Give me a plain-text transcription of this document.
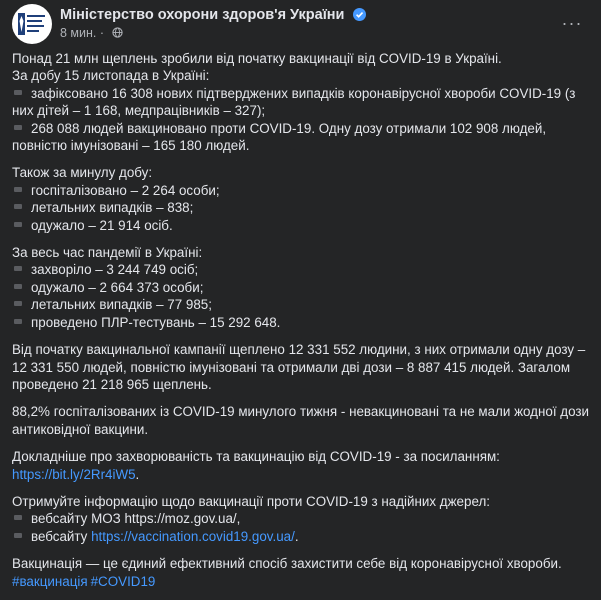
Міністерство охорони здоров'я України
8 мин. ·	···
Понад 21 млн щеплень зробили від початку вакцинації від COVID-19 в Україні.
За добу 15 листопада в Україні:
зафіксовано 16 308 нових підтверджених випадків коронавірусної хвороби COVID-19 (з
них дітей – 1 168, медпрацівників – 327);
268 088 людей вакциновано проти COVID-19. Одну дозу отримали 102 908 людей,
повністю імунізовані – 165 180 людей.
Також за минулу добу:
госпіталізовано – 2 264 особи;
летальних випадків – 838;
одужало – 21 914 осіб.
За весь час пандемії в Україні:
захворіло – 3 244 749 осіб;
одужало – 2 664 373 особи;
летальних випадків – 77 985;
проведено ПЛР-тестувань – 15 292 648.
Від початку вакцинальної кампанії щеплено 12 331 552 людини, з них отримали одну дозу –
12 331 550 людей, повністю імунізовані та отримали дві дози – 8 887 415 людей. Загалом
проведено 21 218 965 щеплень.
88,2% госпіталізованих із COVID-19 минулого тижня - невакциновані та не мали жодної дози
антиковідної вакцини.
Докладніше про захворюваність та вакцинацію від COVID-19 - за посиланням:
https://bit.ly/2Rr4iW5.
Отримуйте інформацію щодо вакцинації проти COVID-19 з надійних джерел:
вебсайту МОЗ https://moz.gov.ua/,
вебсайту https://vaccination.covid19.gov.ua/.
Вакцинація — це єдиний ефективний спосіб захистити себе від коронавірусної хвороби.
#вакцинація #COVID19
